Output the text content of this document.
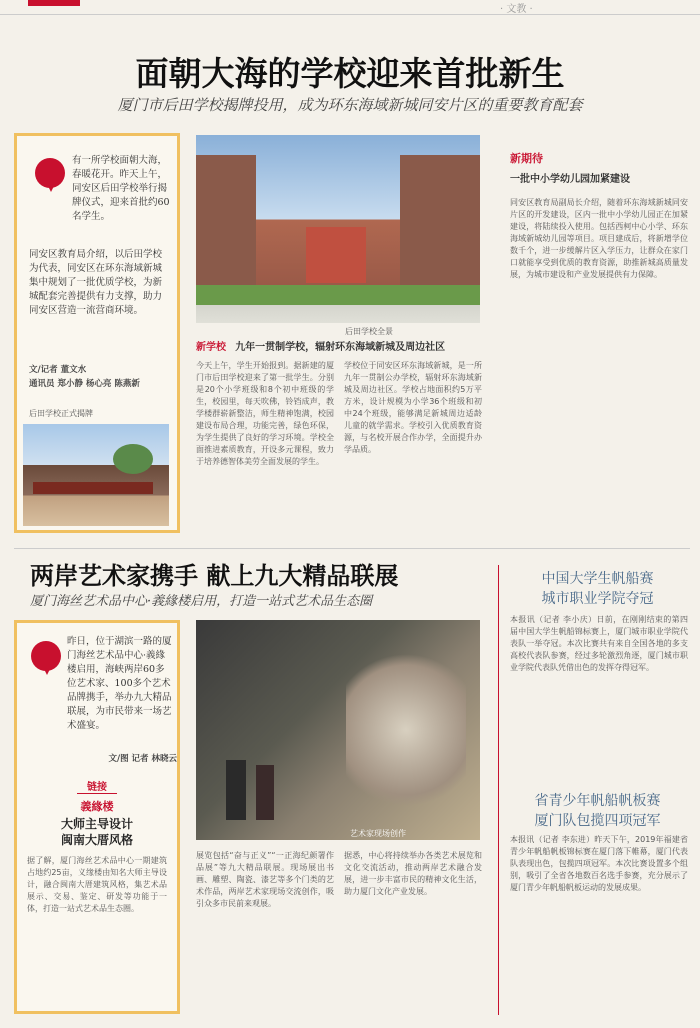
· 文教 ·
面朝大海的学校迎来首批新生
厦门市后田学校揭牌投用，成为环东海域新城同安片区的重要教育配套
有一所学校面朝大海，春暖花开。昨天上午，同安区后田学校举行揭牌仪式，迎来首批约60名学生。
同安区教育局介绍，以后田学校为代表，同安区在环东海域新城集中规划了一批优质学校，为新城配套完善提供有力支撑，助力同安区营造一流营商环境。
文/记者 董文水
通讯员 郑小静 杨心亮 陈燕新
后田学校正式揭牌
后田学校全景
新学校 九年一贯制学校，辐射环东海域新城及周边社区
今天上午，学生开始报到。据新建的厦门市后田学校迎来了第一批学生。分别是20个小学班级和8个初中班级的学生，校园里，每天吹佛，铃铛成声，教学楼群崭新整洁，师生精神饱满，校园建设布局合理，功能完善，绿色环保，为学生提供了良好的学习环境。学校全面推进素质教育，开设多元课程，致力于培养德智体美劳全面发展的学生。
学校位于同安区环东海域新城，是一所九年一贯制公办学校，辐射环东海域新城及周边社区。学校占地面积约5万平方米，设计规模为小学36个班级和初中24个班级，能够满足新城周边适龄儿童的就学需求。学校引入优质教育资源，与名校开展合作办学，全面提升办学品质。
新期待
一批中小学幼儿园加紧建设
同安区教育局副局长介绍，随着环东海域新城同安片区的开发建设，区内一批中小学幼儿园正在加紧建设，将陆续投入使用。包括西柯中心小学、环东海域新城幼儿园等项目。项目建成后，将新增学位数千个，进一步缓解片区入学压力，让群众在家门口就能享受到优质的教育资源，助推新城高质量发展，为城市建设和产业发展提供有力保障。
两岸艺术家携手 献上九大精品联展
厦门海丝艺术品中心·義緣楼启用，打造一站式艺术品生态圈
昨日，位于湖滨一路的厦门海丝艺术品中心·義緣楼启用，海峡两岸60多位艺术家、100多个艺术品牌携手，举办九大精品联展，为市民带来一场艺术盛宴。
文/图 记者 林晓云
链接
義緣楼
大师主导设计
闽南大厝风格
据了解，厦门海丝艺术品中心一期建筑占地约25亩，义缘楼由知名大师主导设计，融合闽南大厝建筑风格，集艺术品展示、交易、鉴定、研发等功能于一体，打造一站式艺术品生态圈。
艺术家现场创作
展览包括“奋与正义”“一正海纪颜署作品展”等九大精品联展。现场展出书画、雕塑、陶瓷、漆艺等多个门类的艺术作品，两岸艺术家现场交流创作，吸引众多市民前来观展。
据悉，中心将持续举办各类艺术展览和文化交流活动，推动两岸艺术融合发展，进一步丰富市民的精神文化生活，助力厦门文化产业发展。
中国大学生帆船赛
城市职业学院夺冠
本报讯（记者 李小庆）日前，在刚刚结束的第四届中国大学生帆船锦标赛上，厦门城市职业学院代表队一举夺冠。本次比赛共有来自全国各地的多支高校代表队参赛，经过多轮激烈角逐，厦门城市职业学院代表队凭借出色的发挥夺得冠军。
省青少年帆船帆板赛
厦门队包揽四项冠军
本报讯（记者 李东进）昨天下午，2019年福建省青少年帆船帆板锦标赛在厦门落下帷幕，厦门代表队表现出色，包揽四项冠军。本次比赛设置多个组别，吸引了全省各地数百名选手参赛，充分展示了厦门青少年帆船帆板运动的发展成果。
